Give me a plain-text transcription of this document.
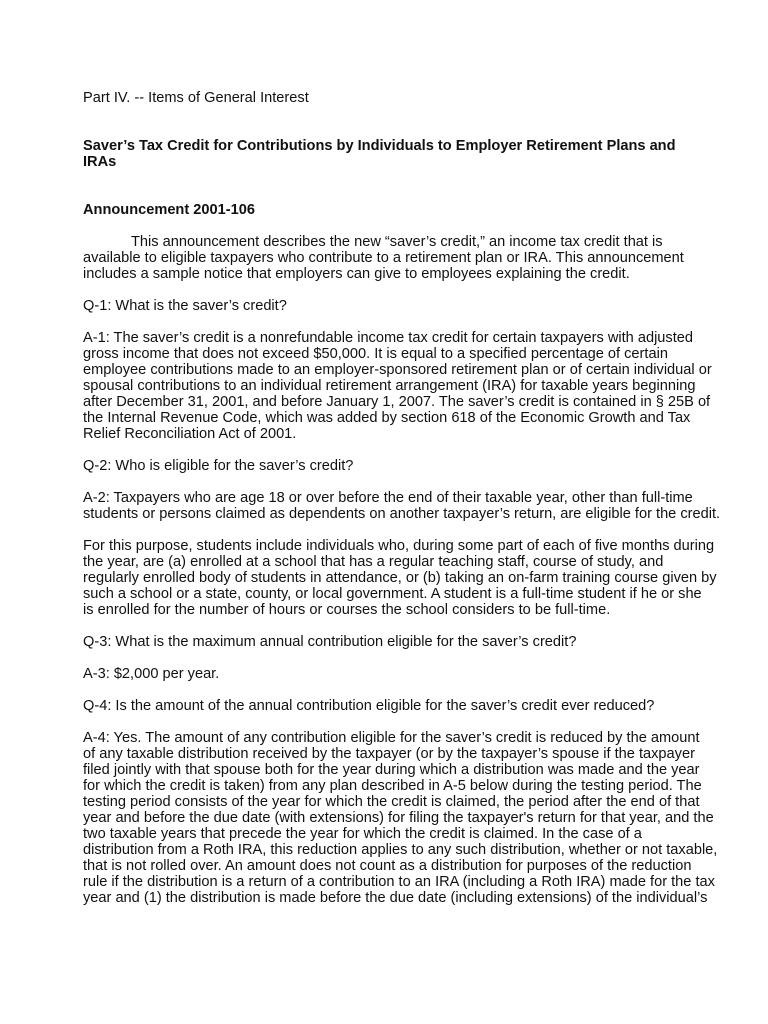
Part IV. -- Items of General Interest

Saver’s Tax Credit for Contributions by Individuals to Employer Retirement Plans and IRAs

Announcement 2001-106

This announcement describes the new “saver’s credit,” an income tax credit that is
available to eligible taxpayers who contribute to a retirement plan or IRA. This announcement
includes a sample notice that employers can give to employees explaining the credit.

Q-1: What is the saver’s credit?

A-1: The saver’s credit is a nonrefundable income tax credit for certain taxpayers with adjusted
gross income that does not exceed $50,000. It is equal to a specified percentage of certain
employee contributions made to an employer-sponsored retirement plan or of certain individual or
spousal contributions to an individual retirement arrangement (IRA) for taxable years beginning
after December 31, 2001, and before January 1, 2007. The saver’s credit is contained in § 25B of
the Internal Revenue Code, which was added by section 618 of the Economic Growth and Tax
Relief Reconciliation Act of 2001.

Q-2: Who is eligible for the saver’s credit?

A-2: Taxpayers who are age 18 or over before the end of their taxable year, other than full-time
students or persons claimed as dependents on another taxpayer’s return, are eligible for the credit.

For this purpose, students include individuals who, during some part of each of five months during
the year, are (a) enrolled at a school that has a regular teaching staff, course of study, and
regularly enrolled body of students in attendance, or (b) taking an on-farm training course given by
such a school or a state, county, or local government. A student is a full-time student if he or she
is enrolled for the number of hours or courses the school considers to be full-time.

Q-3: What is the maximum annual contribution eligible for the saver’s credit?

A-3: $2,000 per year.

Q-4: Is the amount of the annual contribution eligible for the saver’s credit ever reduced?

A-4: Yes. The amount of any contribution eligible for the saver’s credit is reduced by the amount
of any taxable distribution received by the taxpayer (or by the taxpayer’s spouse if the taxpayer
filed jointly with that spouse both for the year during which a distribution was made and the year
for which the credit is taken) from any plan described in A-5 below during the testing period. The
testing period consists of the year for which the credit is claimed, the period after the end of that
year and before the due date (with extensions) for filing the taxpayer's return for that year, and the
two taxable years that precede the year for which the credit is claimed. In the case of a
distribution from a Roth IRA, this reduction applies to any such distribution, whether or not taxable,
that is not rolled over. An amount does not count as a distribution for purposes of the reduction
rule if the distribution is a return of a contribution to an IRA (including a Roth IRA) made for the tax
year and (1) the distribution is made before the due date (including extensions) of the individual’s
